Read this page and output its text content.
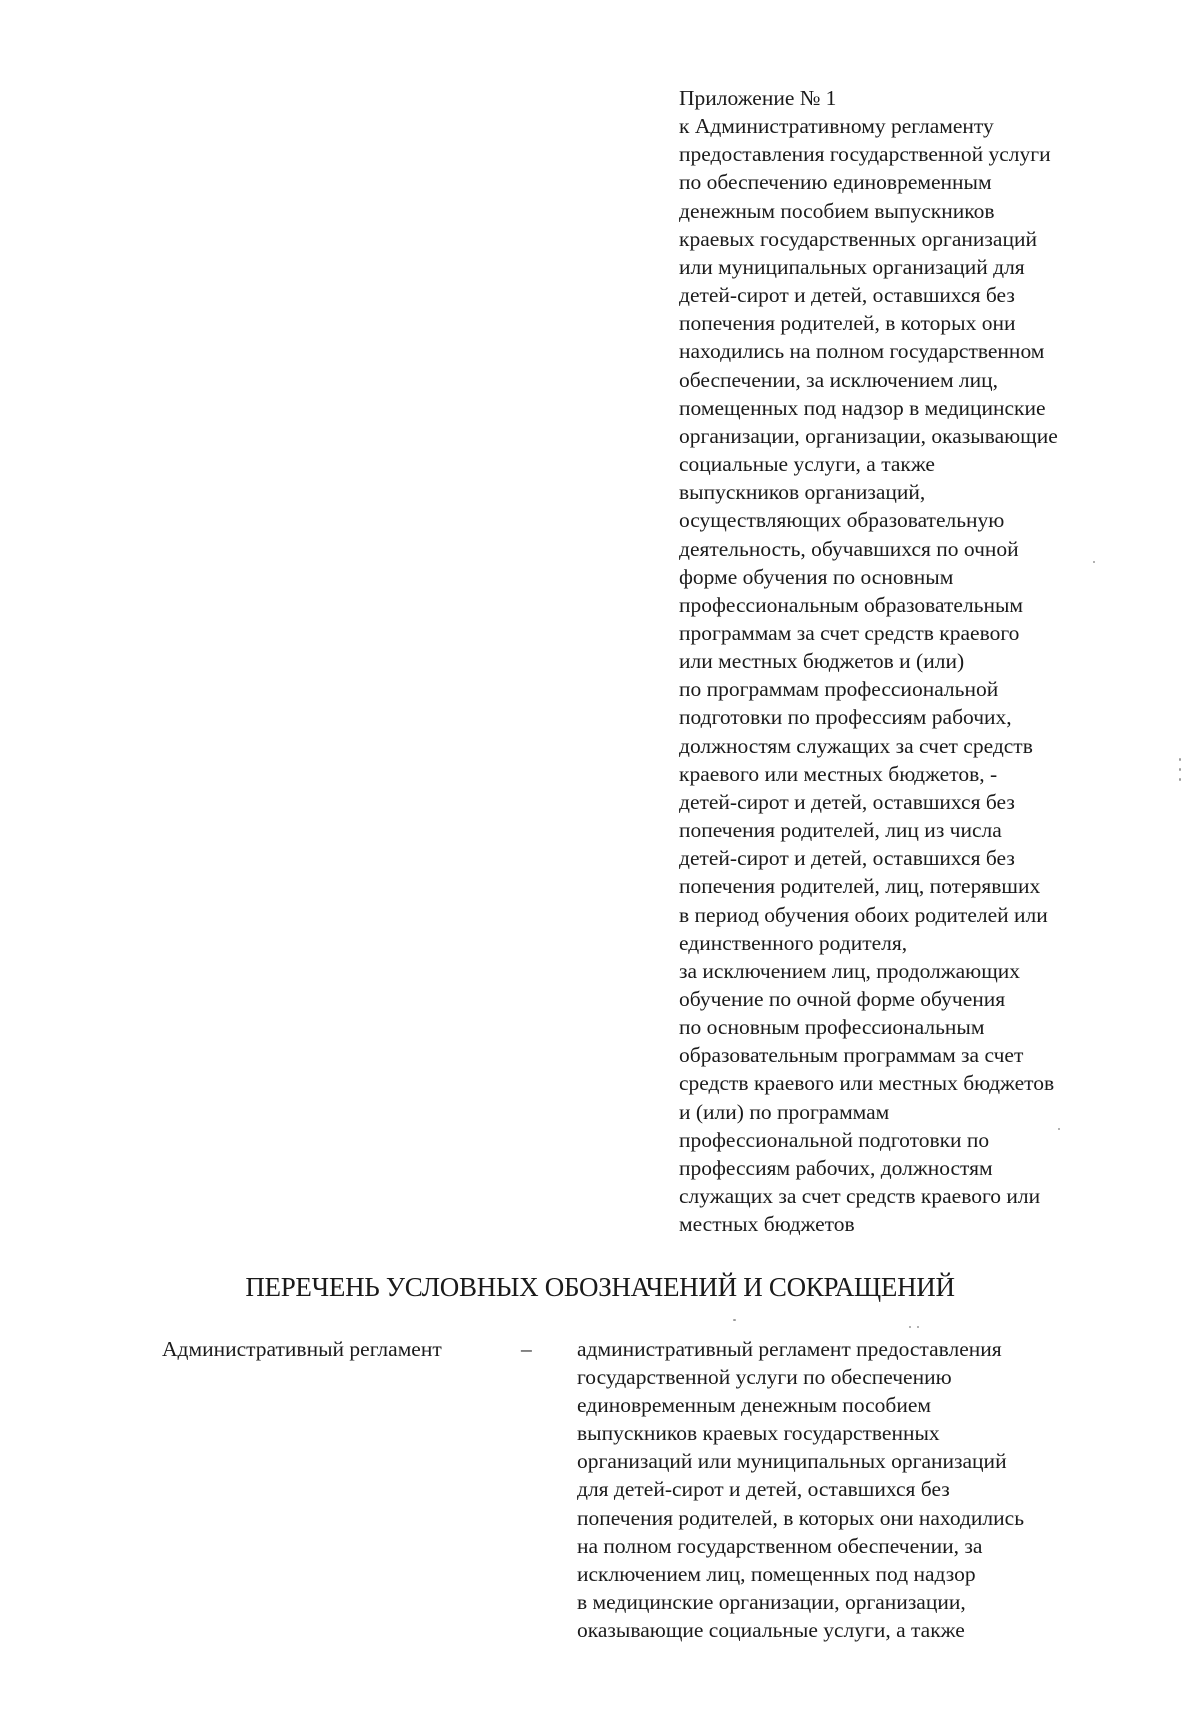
Приложение № 1
к Административному регламенту
предоставления государственной услуги
по обеспечению единовременным
денежным пособием выпускников
краевых государственных организаций
или муниципальных организаций для
детей-сирот и детей, оставшихся без
попечения родителей, в которых они
находились на полном государственном
обеспечении, за исключением лиц,
помещенных под надзор в медицинские
организации, организации, оказывающие
социальные услуги, а также
выпускников организаций,
осуществляющих образовательную
деятельность, обучавшихся по очной
форме обучения по основным
профессиональным образовательным
программам за счет средств краевого
или местных бюджетов и (или)
по программам профессиональной
подготовки по профессиям рабочих,
должностям служащих за счет средств
краевого или местных бюджетов, -
детей-сирот и детей, оставшихся без
попечения родителей, лиц из числа
детей-сирот и детей, оставшихся без
попечения родителей, лиц, потерявших
в период обучения обоих родителей или
единственного родителя,
за исключением лиц, продолжающих
обучение по очной форме обучения
по основным профессиональным
образовательным программам за счет
средств краевого или местных бюджетов
и (или) по программам
профессиональной подготовки по
профессиям рабочих, должностям
служащих за счет средств краевого или
местных бюджетов
ПЕРЕЧЕНЬ УСЛОВНЫХ ОБОЗНАЧЕНИЙ И СОКРАЩЕНИЙ
Административный регламент	– административный регламент предоставления
государственной услуги по обеспечению
единовременным денежным пособием
выпускников краевых государственных
организаций или муниципальных организаций
для детей-сирот и детей, оставшихся без
попечения родителей, в которых они находились
на полном государственном обеспечении, за
исключением лиц, помещенных под надзор
в медицинские организации, организации,
оказывающие социальные услуги, а также
